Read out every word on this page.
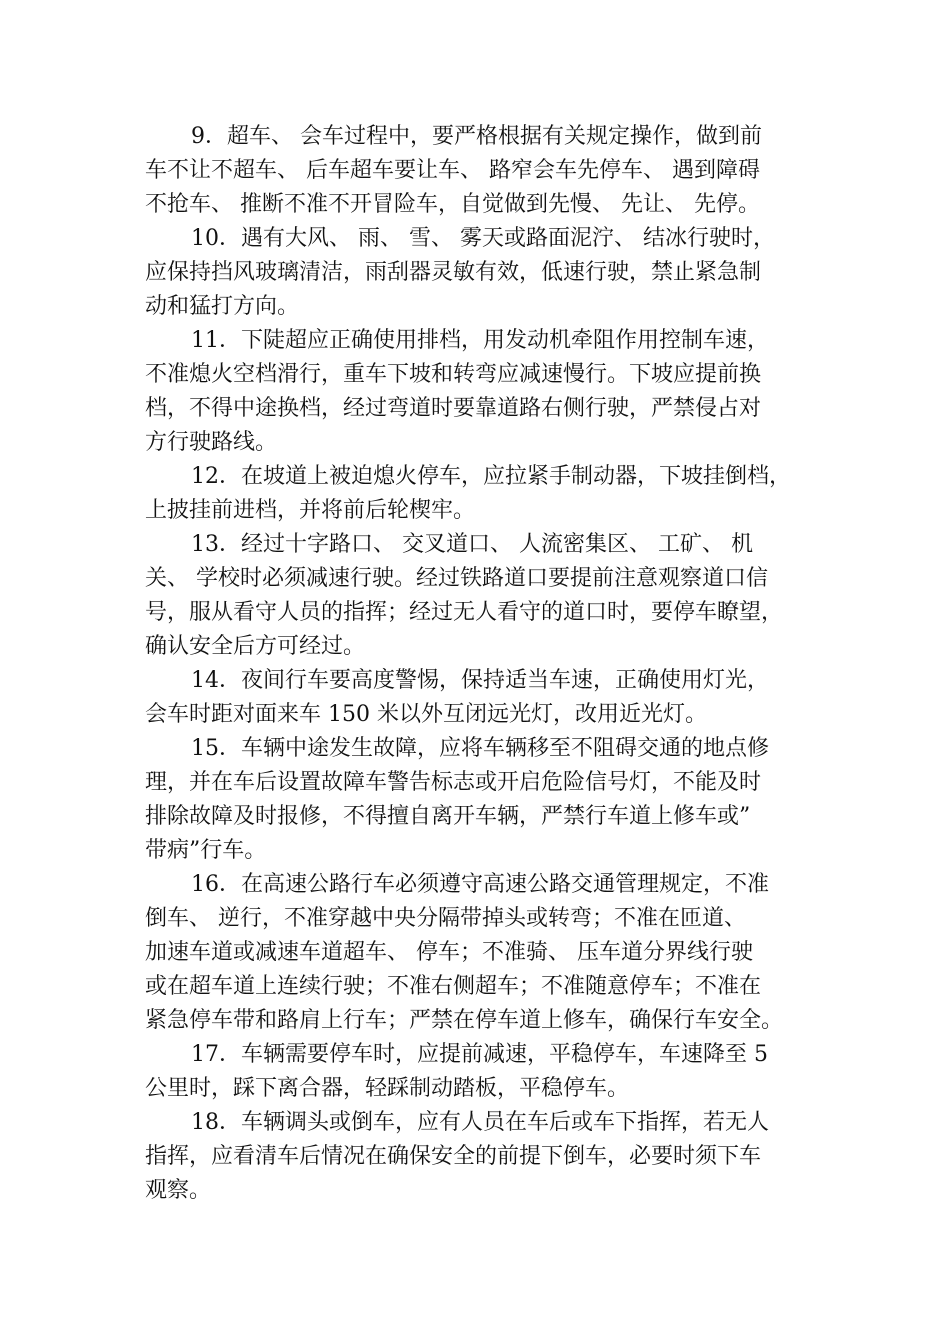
9．超车、 会车过程中，要严格根据有关规定操作，做到前
车不让不超车、 后车超车要让车、 路窄会车先停车、 遇到障碍
不抢车、 推断不准不开冒险车，自觉做到先慢、 先让、 先停。
10．遇有大风、 雨、 雪、 雾天或路面泥泞、 结冰行驶时，
应保持挡风玻璃清洁，雨刮器灵敏有效，低速行驶，禁止紧急制
动和猛打方向。
11．下陡超应正确使用排档，用发动机牵阻作用控制车速，
不准熄火空档滑行，重车下坡和转弯应减速慢行。下坡应提前换
档，不得中途换档，经过弯道时要靠道路右侧行驶，严禁侵占对
方行驶路线。
12．在坡道上被迫熄火停车，应拉紧手制动器，下坡挂倒档，
上披挂前进档，并将前后轮楔牢。
13．经过十字路口、 交叉道口、 人流密集区、 工矿、 机
关、 学校时必须减速行驶。经过铁路道口要提前注意观察道口信
号，服从看守人员的指挥；经过无人看守的道口时，要停车瞭望，
确认安全后方可经过。
14．夜间行车要高度警惕，保持适当车速，正确使用灯光，
会车时距对面来车 150 米以外互闭远光灯，改用近光灯。
15．车辆中途发生故障，应将车辆移至不阻碍交通的地点修
理，并在车后设置故障车警告标志或开启危险信号灯，不能及时
排除故障及时报修，不得擅自离开车辆，严禁行车道上修车或”
带病”行车。
16．在高速公路行车必须遵守高速公路交通管理规定，不准
倒车、 逆行，不准穿越中央分隔带掉头或转弯；不准在匝道、
加速车道或减速车道超车、 停车；不准骑、 压车道分界线行驶
或在超车道上连续行驶；不准右侧超车；不准随意停车；不准在
紧急停车带和路肩上行车；严禁在停车道上修车，确保行车安全。
17．车辆需要停车时，应提前减速，平稳停车，车速降至 5
公里时，踩下离合器，轻踩制动踏板，平稳停车。
18．车辆调头或倒车，应有人员在车后或车下指挥，若无人
指挥，应看清车后情况在确保安全的前提下倒车，必要时须下车
观察。
